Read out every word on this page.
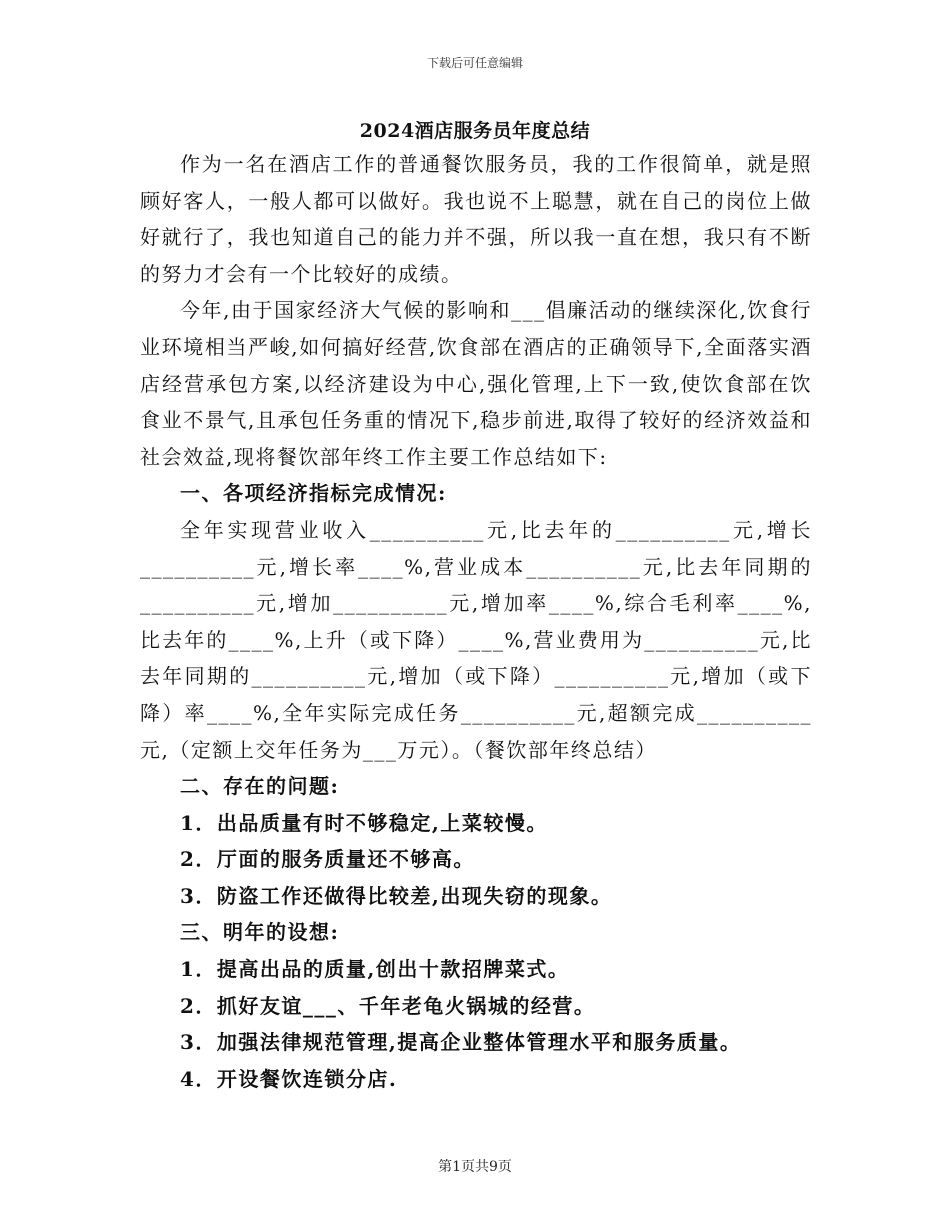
下载后可任意编辑
2024酒店服务员年度总结

作为一名在酒店工作的普通餐饮服务员，我的工作很简单，就是照顾好客人，一般人都可以做好。我也说不上聪慧，就在自己的岗位上做好就行了，我也知道自己的能力并不强，所以我一直在想，我只有不断的努力才会有一个比较好的成绩。

今年,由于国家经济大气候的影响和___倡廉活动的继续深化,饮食行业环境相当严峻,如何搞好经营,饮食部在酒店的正确领导下,全面落实酒店经营承包方案,以经济建设为中心,强化管理,上下一致,使饮食部在饮食业不景气,且承包任务重的情况下,稳步前进,取得了较好的经济效益和社会效益,现将餐饮部年终工作主要工作总结如下:

一、各项经济指标完成情况:

全年实现营业收入__________元,比去年的__________元,增长__________元,增长率____%,营业成本__________元,比去年同期的__________元,增加__________元,增加率____%,综合毛利率____%,比去年的____%,上升（或下降）____%,营业费用为__________元,比去年同期的__________元,增加（或下降）__________元,增加（或下降）率____%,全年实际完成任务__________元,超额完成__________元,（定额上交年任务为___万元）。（餐饮部年终总结）

二、存在的问题:

1．出品质量有时不够稳定,上菜较慢。

2．厅面的服务质量还不够高。

3．防盗工作还做得比较差,出现失窃的现象。

三、明年的设想:

1．提高出品的质量,创出十款招牌菜式。

2．抓好友谊___、千年老龟火锅城的经营。

3．加强法律规范管理,提高企业整体管理水平和服务质量。

4．开设餐饮连锁分店.

第1页共9页
